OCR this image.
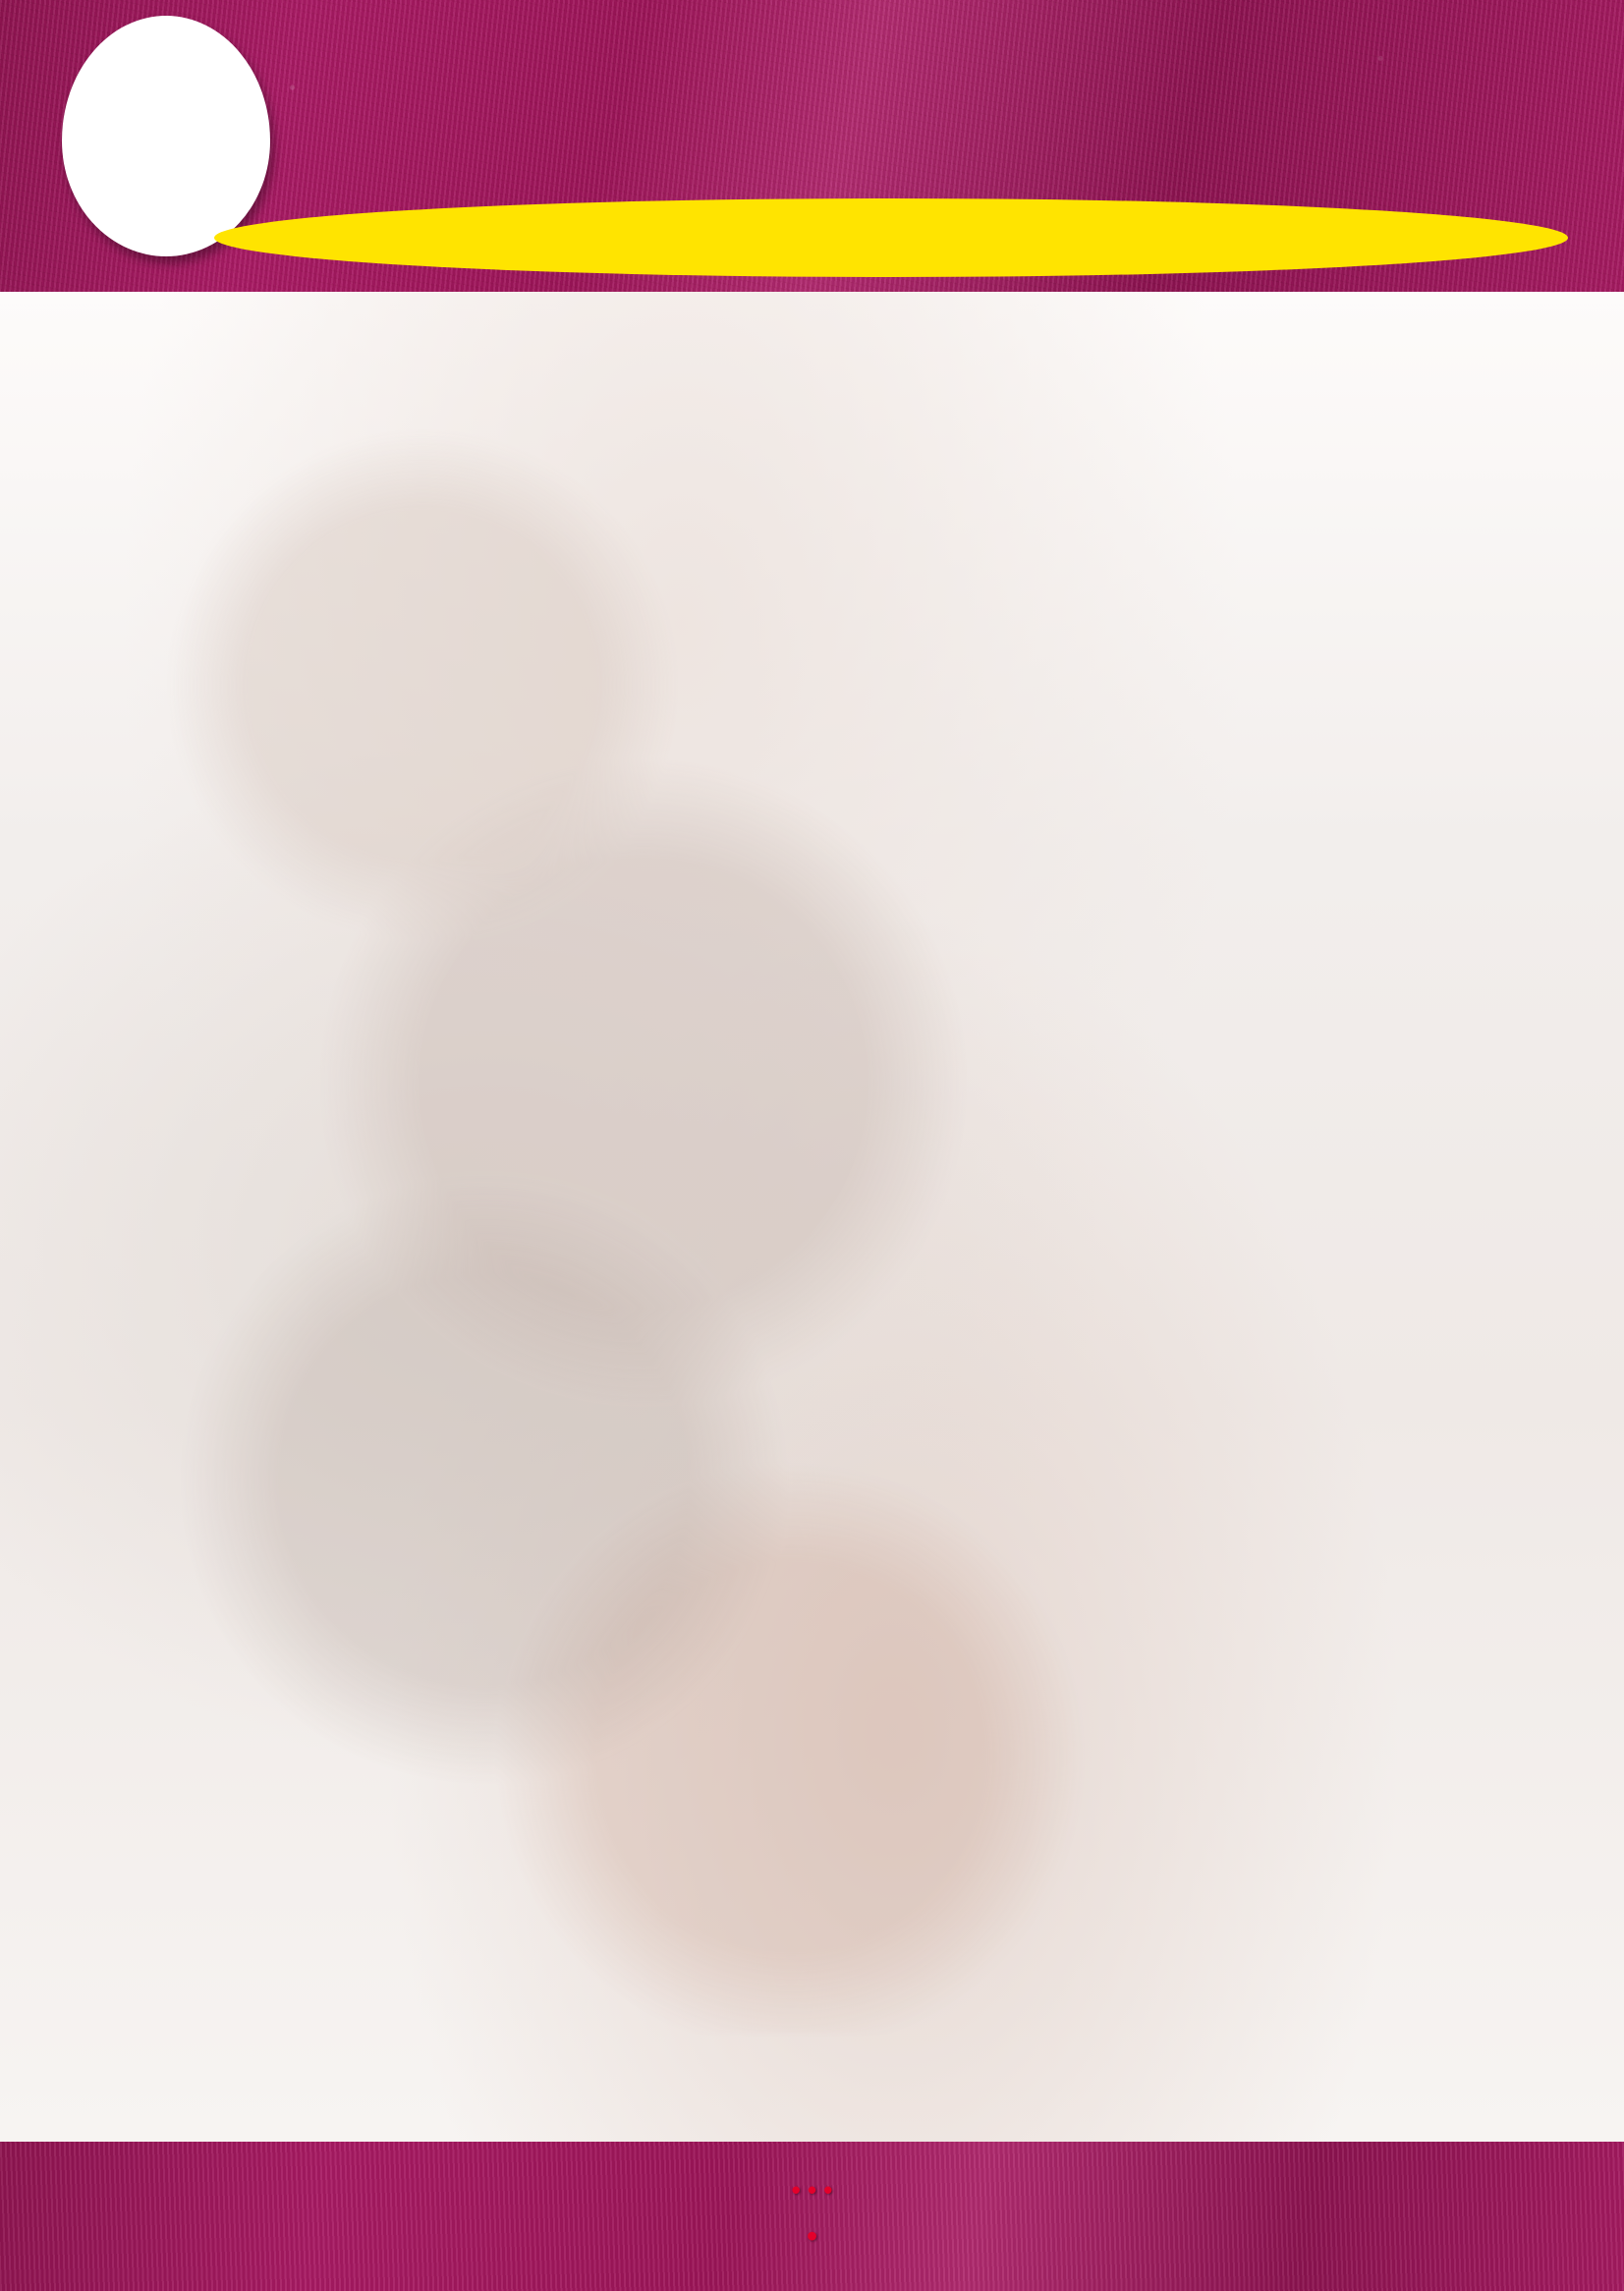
• • •
•
